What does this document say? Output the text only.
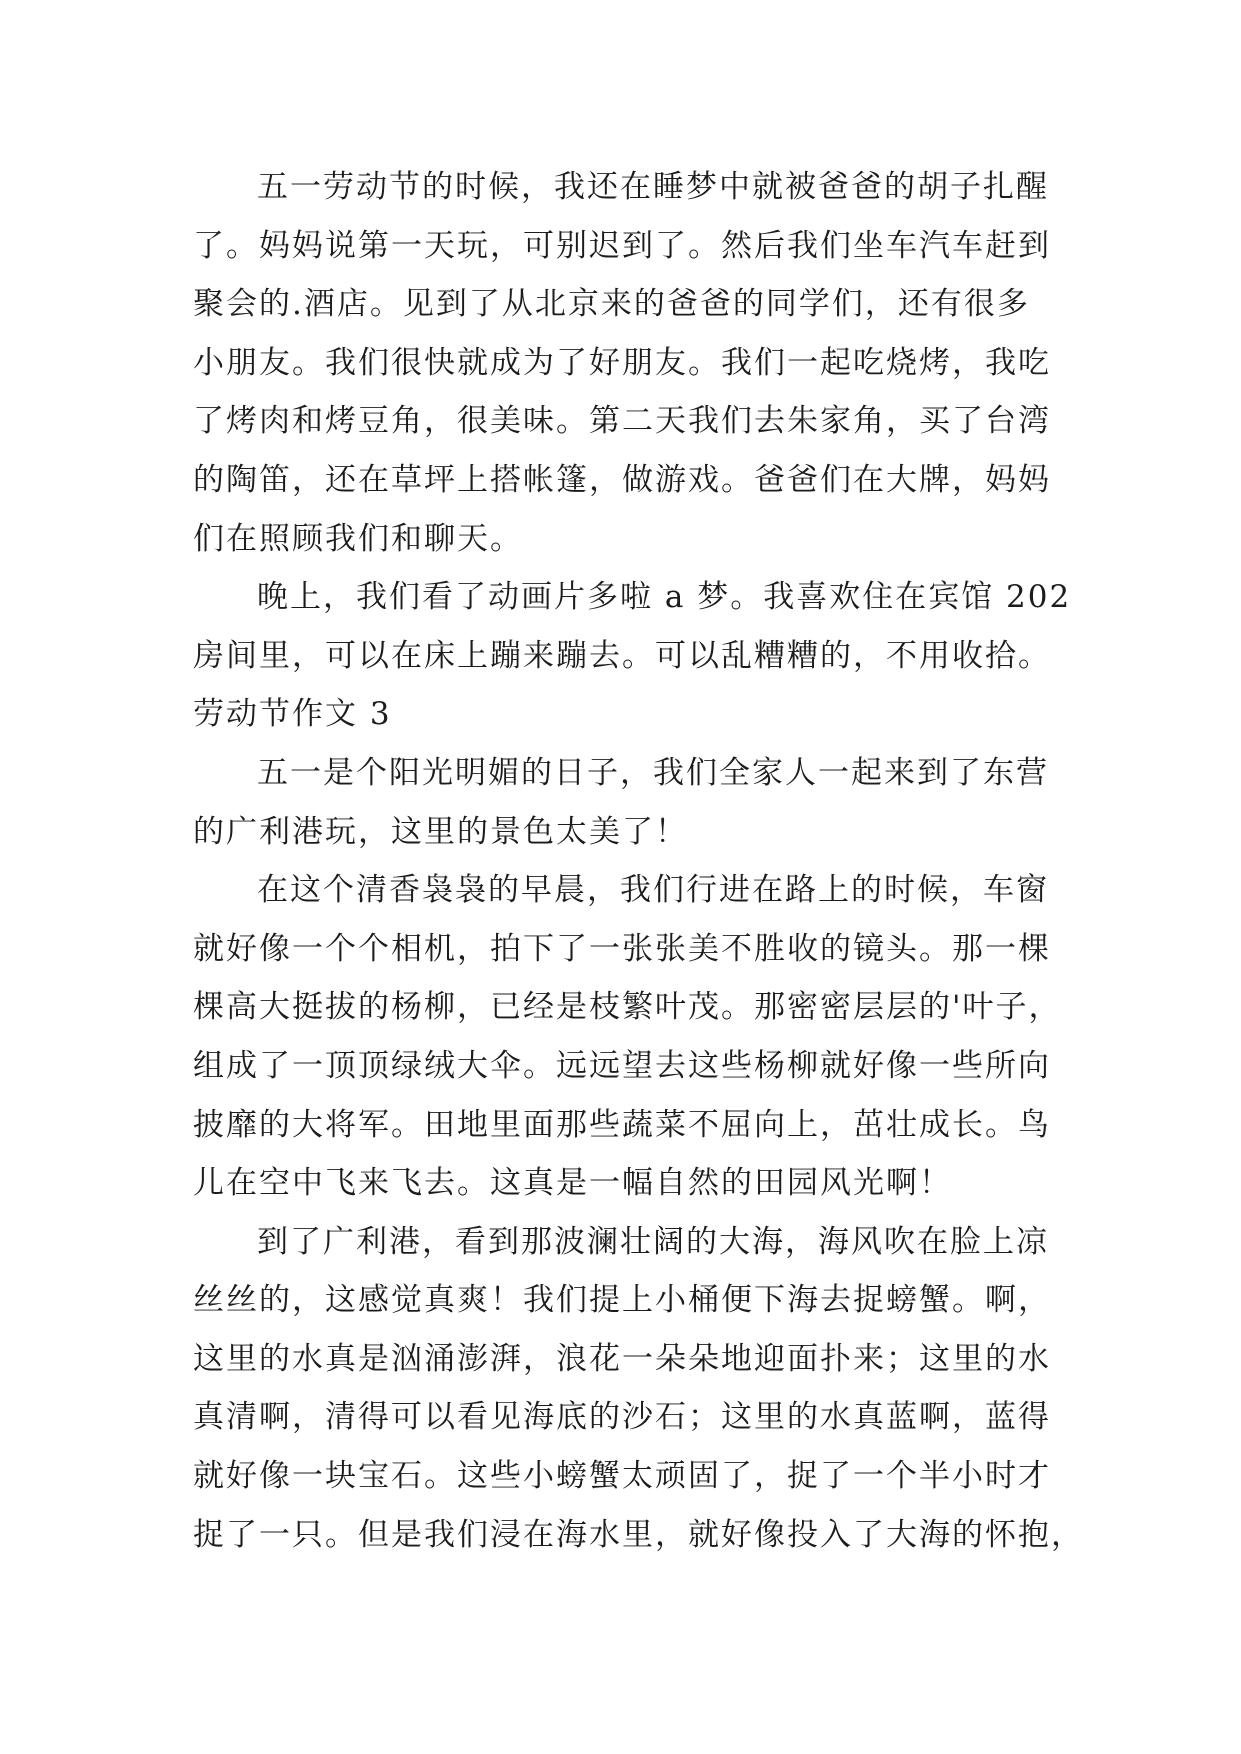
五一劳动节的时候，我还在睡梦中就被爸爸的胡子扎醒
了。妈妈说第一天玩，可别迟到了。然后我们坐车汽车赶到
聚会的.酒店。见到了从北京来的爸爸的同学们，还有很多
小朋友。我们很快就成为了好朋友。我们一起吃烧烤，我吃
了烤肉和烤豆角，很美味。第二天我们去朱家角，买了台湾
的陶笛，还在草坪上搭帐篷，做游戏。爸爸们在大牌，妈妈
们在照顾我们和聊天。
晚上，我们看了动画片多啦 a 梦。我喜欢住在宾馆 202
房间里，可以在床上蹦来蹦去。可以乱糟糟的，不用收拾。
劳动节作文 3
五一是个阳光明媚的日子，我们全家人一起来到了东营
的广利港玩，这里的景色太美了！
在这个清香袅袅的早晨，我们行进在路上的时候，车窗
就好像一个个相机，拍下了一张张美不胜收的镜头。那一棵
棵高大挺拔的杨柳，已经是枝繁叶茂。那密密层层的'叶子，
组成了一顶顶绿绒大伞。远远望去这些杨柳就好像一些所向
披靡的大将军。田地里面那些蔬菜不屈向上，茁壮成长。鸟
儿在空中飞来飞去。这真是一幅自然的田园风光啊！
到了广利港，看到那波澜壮阔的大海，海风吹在脸上凉
丝丝的，这感觉真爽！我们提上小桶便下海去捉螃蟹。啊，
这里的水真是汹涌澎湃，浪花一朵朵地迎面扑来；这里的水
真清啊，清得可以看见海底的沙石；这里的水真蓝啊，蓝得
就好像一块宝石。这些小螃蟹太顽固了，捉了一个半小时才
捉了一只。但是我们浸在海水里，就好像投入了大海的怀抱，
